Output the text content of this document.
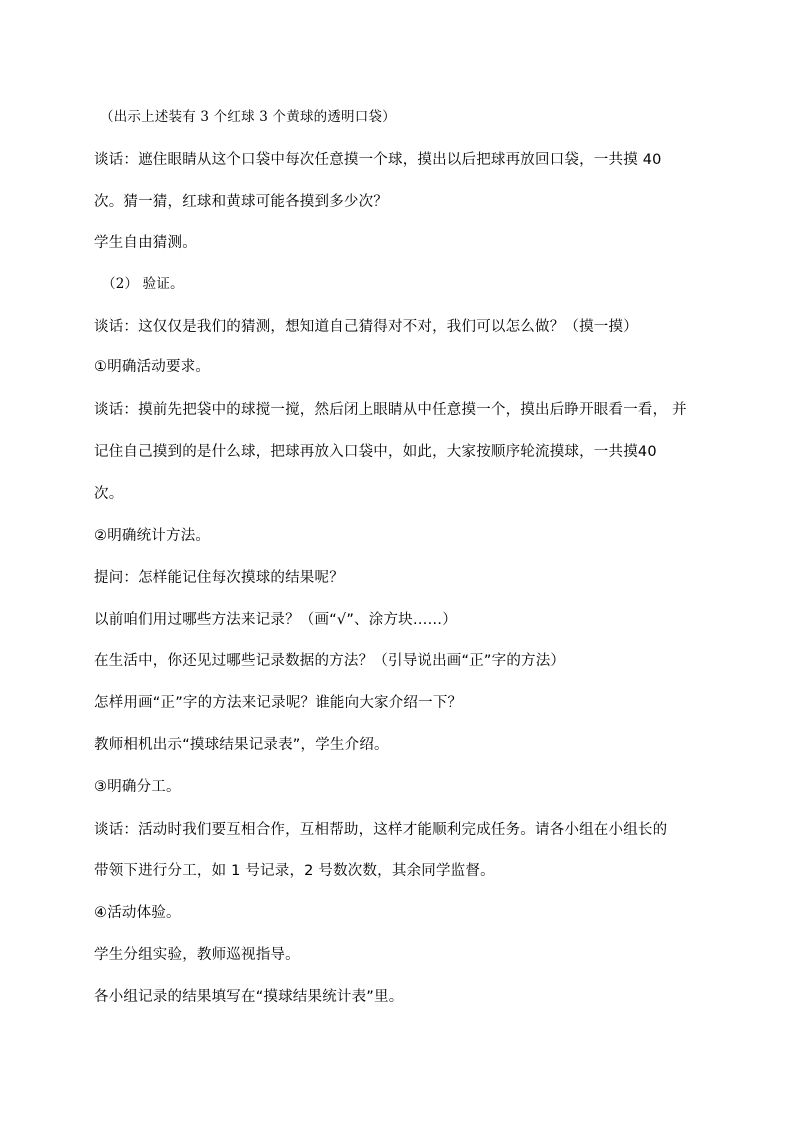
（出示上述装有 3 个红球 3 个黄球的透明口袋）
谈话：遮住眼睛从这个口袋中每次任意摸一个球，摸出以后把球再放回口袋，一共摸 40
次。猜一猜，红球和黄球可能各摸到多少次？
学生自由猜测。
（2） 验证。
谈话：这仅仅是我们的猜测，想知道自己猜得对不对，我们可以怎么做？（摸一摸）
①明确活动要求。
谈话：摸前先把袋中的球搅一搅，然后闭上眼睛从中任意摸一个，摸出后睁开眼看一看， 并
记住自己摸到的是什么球，把球再放入口袋中，如此，大家按顺序轮流摸球，一共摸40
次。
②明确统计方法。
提问：怎样能记住每次摸球的结果呢？
以前咱们用过哪些方法来记录？（画“√”、涂方块……）
在生活中，你还见过哪些记录数据的方法？（引导说出画“正”字的方法）
怎样用画“正”字的方法来记录呢？谁能向大家介绍一下？
教师相机出示“摸球结果记录表”，学生介绍。
③明确分工。
谈话：活动时我们要互相合作，互相帮助，这样才能顺利完成任务。请各小组在小组长的
带领下进行分工，如 1 号记录，2 号数次数，其余同学监督。
④活动体验。
学生分组实验，教师巡视指导。
各小组记录的结果填写在“摸球结果统计表”里。
